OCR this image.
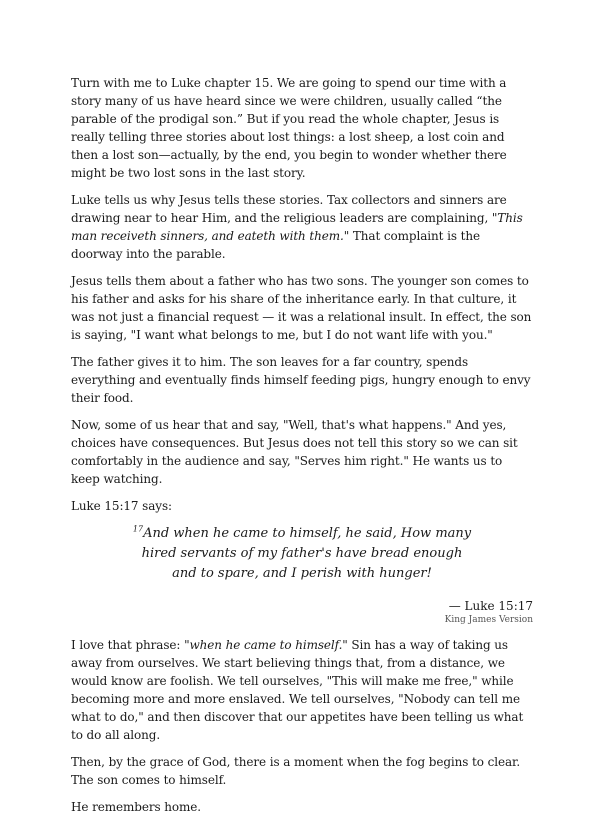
Turn with me to Luke chapter 15. We are going to spend our time with a story many of us have heard since we were children, usually called “the parable of the prodigal son.” But if you read the whole chapter, Jesus is really telling three stories about lost things: a lost sheep, a lost coin and then a lost son—actually, by the end, you begin to wonder whether there might be two lost sons in the last story.

Luke tells us why Jesus tells these stories. Tax collectors and sinners are drawing near to hear Him, and the religious leaders are complaining, "This man receiveth sinners, and eateth with them." That complaint is the doorway into the parable.

Jesus tells them about a father who has two sons. The younger son comes to his father and asks for his share of the inheritance early. In that culture, it was not just a financial request — it was a relational insult. In effect, the son is saying, "I want what belongs to me, but I do not want life with you."

The father gives it to him. The son leaves for a far country, spends everything and eventually finds himself feeding pigs, hungry enough to envy their food.

Now, some of us hear that and say, "Well, that's what happens." And yes, choices have consequences. But Jesus does not tell this story so we can sit comfortably in the audience and say, "Serves him right." He wants us to keep watching.

Luke 15:17 says:

$^{17}$And when he came to himself, he said, How many hired servants of my father's have bread enough and to spare, and I perish with hunger!
— Luke 15:17
King James Version

I love that phrase: "when he came to himself." Sin has a way of taking us away from ourselves. We start believing things that, from a distance, we would know are foolish. We tell ourselves, "This will make me free," while becoming more and more enslaved. We tell ourselves, "Nobody can tell me what to do," and then discover that our appetites have been telling us what to do all along.

Then, by the grace of God, there is a moment when the fog begins to clear. The son comes to himself.

He remembers home.
